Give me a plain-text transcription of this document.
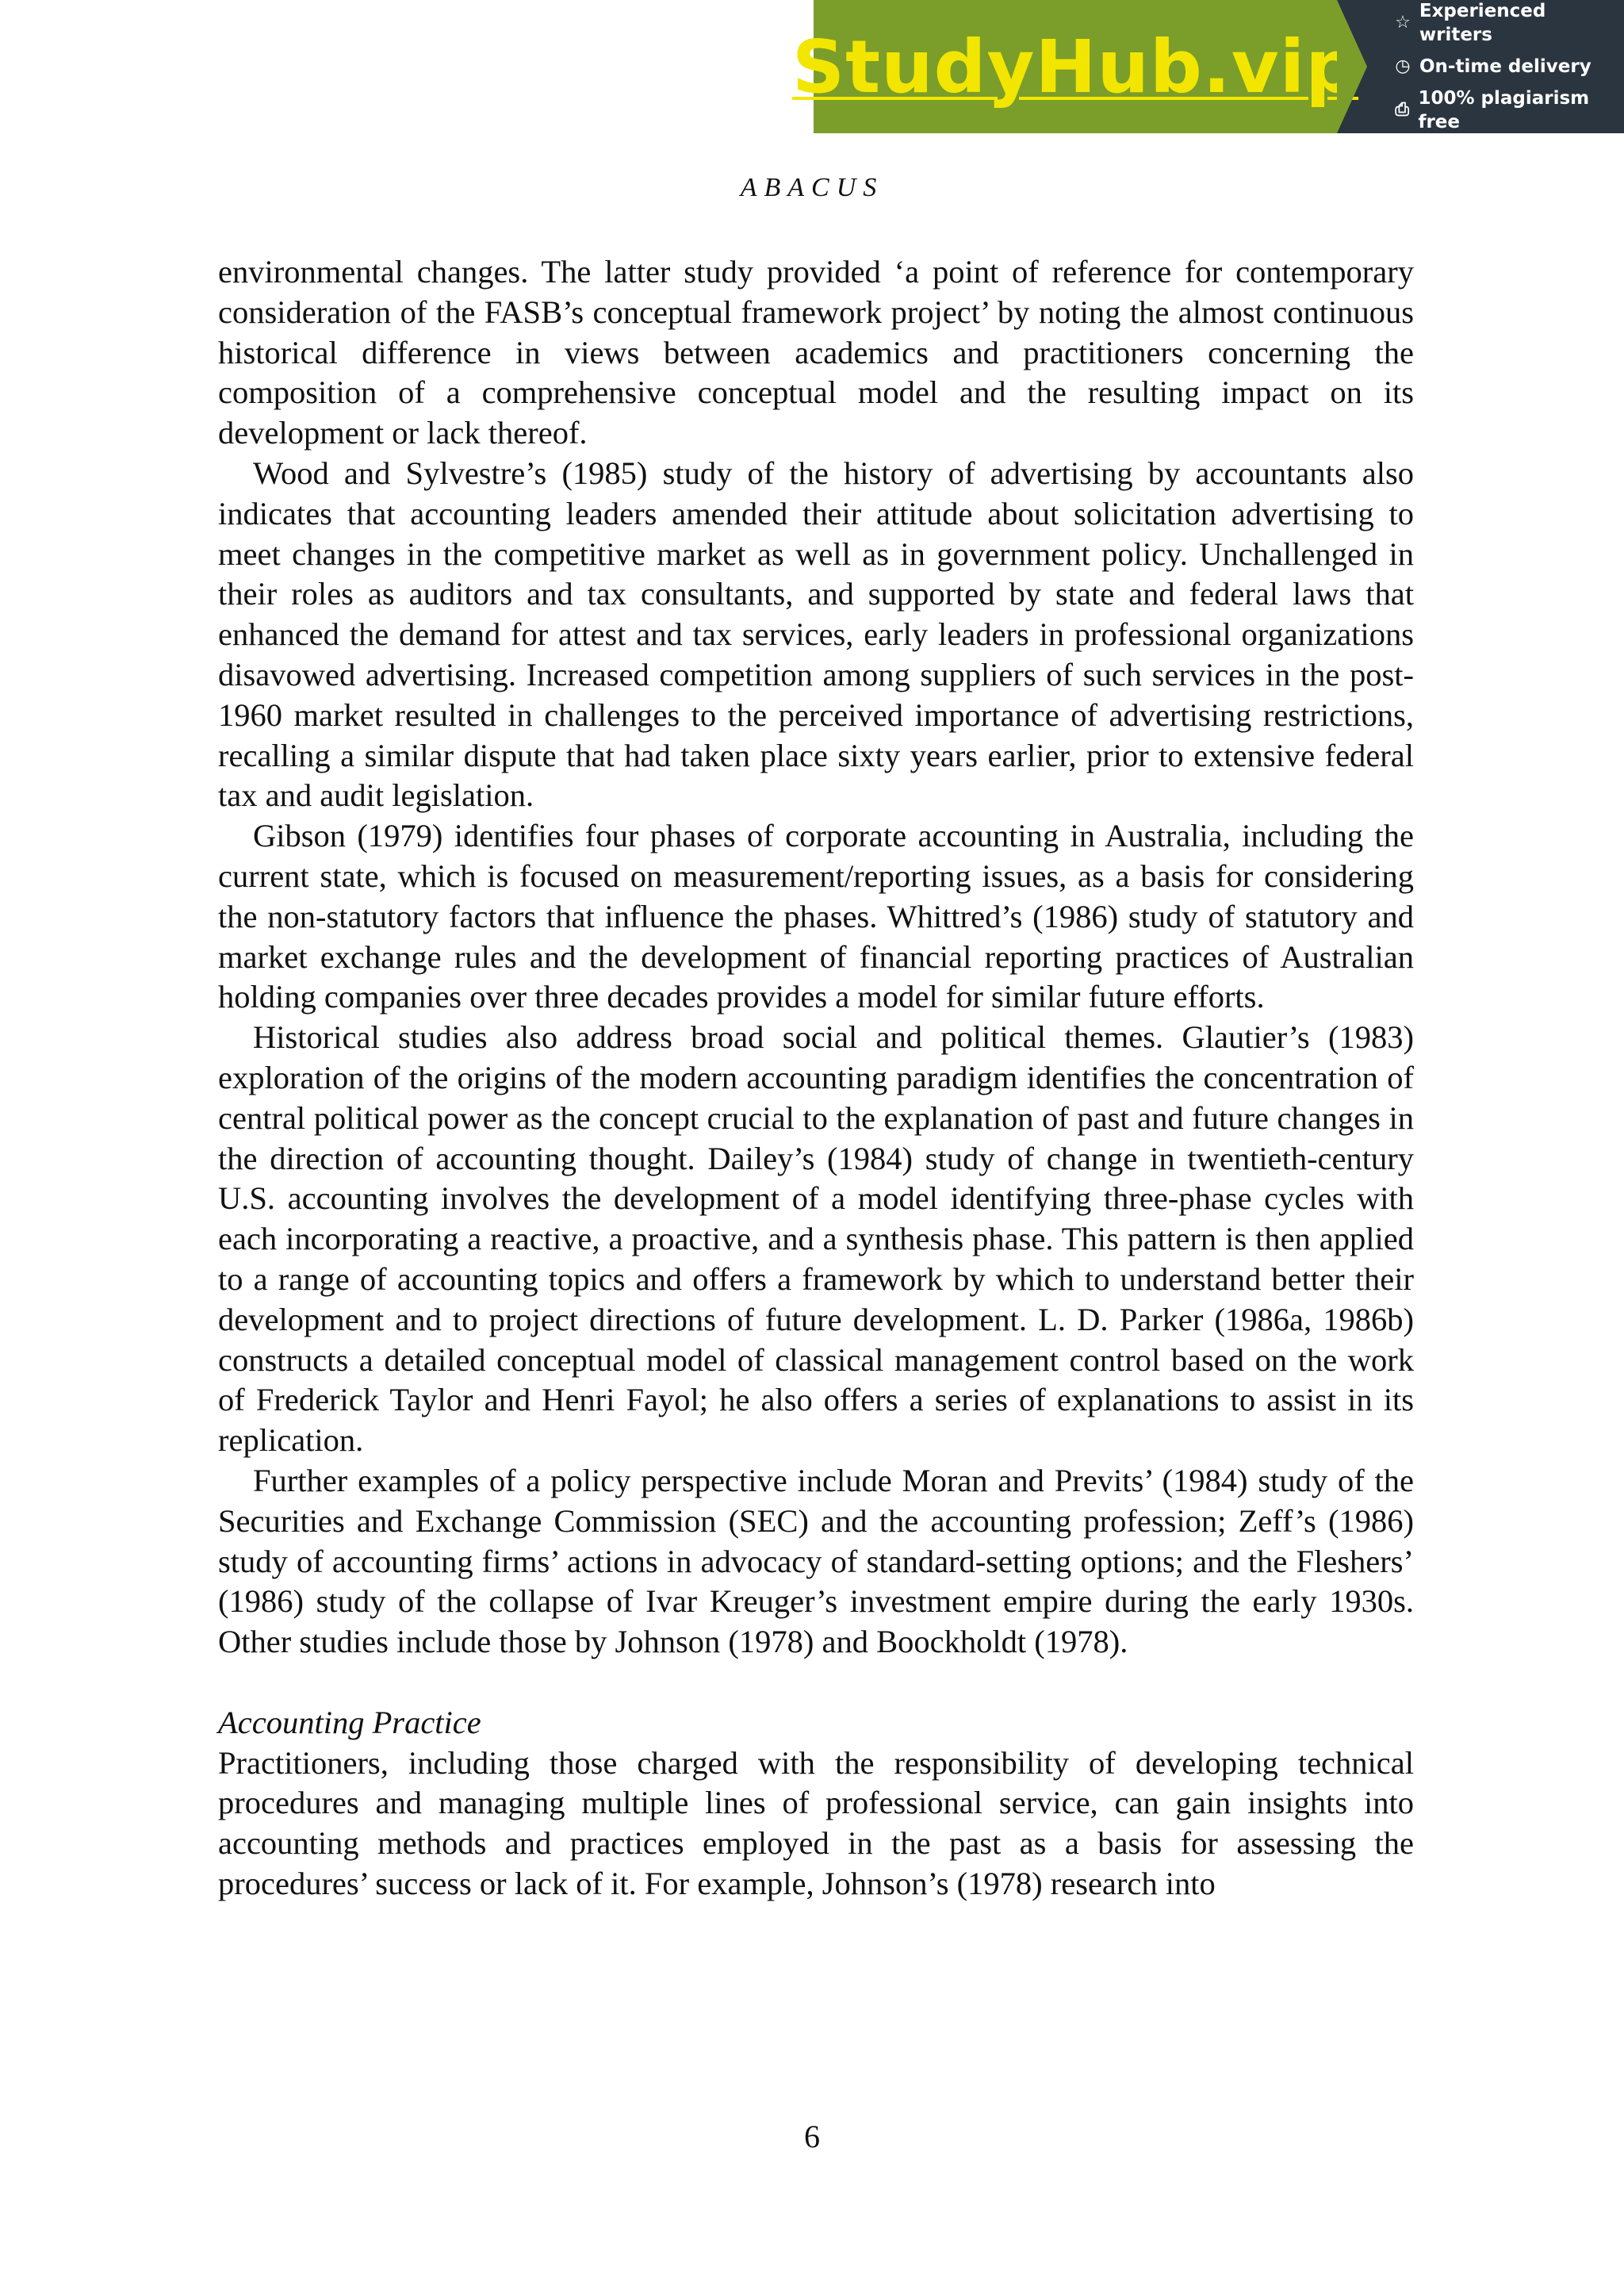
StudyHub.vip
☆
Experienced writers
◷ On-time delivery
⎙
100% plagiarism free
ABACUS

environmental changes. The latter study provided ‘a point of reference for contemporary consideration of the FASB’s conceptual framework project’ by noting the almost continuous historical difference in views between academics and practitioners concerning the composition of a comprehensive conceptual model and the resulting impact on its development or lack thereof.

Wood and Sylvestre’s (1985) study of the history of advertising by accountants also indicates that accounting leaders amended their attitude about solicitation advertising to meet changes in the competitive market as well as in government policy. Unchallenged in their roles as auditors and tax consultants, and supported by state and federal laws that enhanced the demand for attest and tax services, early leaders in professional organizations disavowed advertising. Increased competition among suppliers of such services in the post-1960 market resulted in challenges to the perceived importance of advertising restrictions, recalling a similar dispute that had taken place sixty years earlier, prior to extensive federal tax and audit legislation.

Gibson (1979) identifies four phases of corporate accounting in Australia, including the current state, which is focused on measurement/reporting issues, as a basis for considering the non-statutory factors that influence the phases. Whittred’s (1986) study of statutory and market exchange rules and the development of financial reporting practices of Australian holding companies over three decades provides a model for similar future efforts.

Historical studies also address broad social and political themes. Glautier’s (1983) exploration of the origins of the modern accounting paradigm identifies the concentration of central political power as the concept crucial to the explanation of past and future changes in the direction of accounting thought. Dailey’s (1984) study of change in twentieth-century U.S. accounting involves the development of a model identifying three-phase cycles with each incorporating a reactive, a proactive, and a synthesis phase. This pattern is then applied to a range of accounting topics and offers a framework by which to understand better their development and to project directions of future development. L. D. Parker (1986a, 1986b) constructs a detailed conceptual model of classical management control based on the work of Frederick Taylor and Henri Fayol; he also offers a series of explanations to assist in its replication.

Further examples of a policy perspective include Moran and Previts’ (1984) study of the Securities and Exchange Commission (SEC) and the accounting profession; Zeff’s (1986) study of accounting firms’ actions in advocacy of standard-setting options; and the Fleshers’ (1986) study of the collapse of Ivar Kreuger’s investment empire during the early 1930s. Other studies include those by Johnson (1978) and Boockholdt (1978).

Accounting Practice

Practitioners, including those charged with the responsibility of developing technical procedures and managing multiple lines of professional service, can gain insights into accounting methods and practices employed in the past as a basis for assessing the procedures’ success or lack of it. For example, Johnson’s (1978) research into

6
